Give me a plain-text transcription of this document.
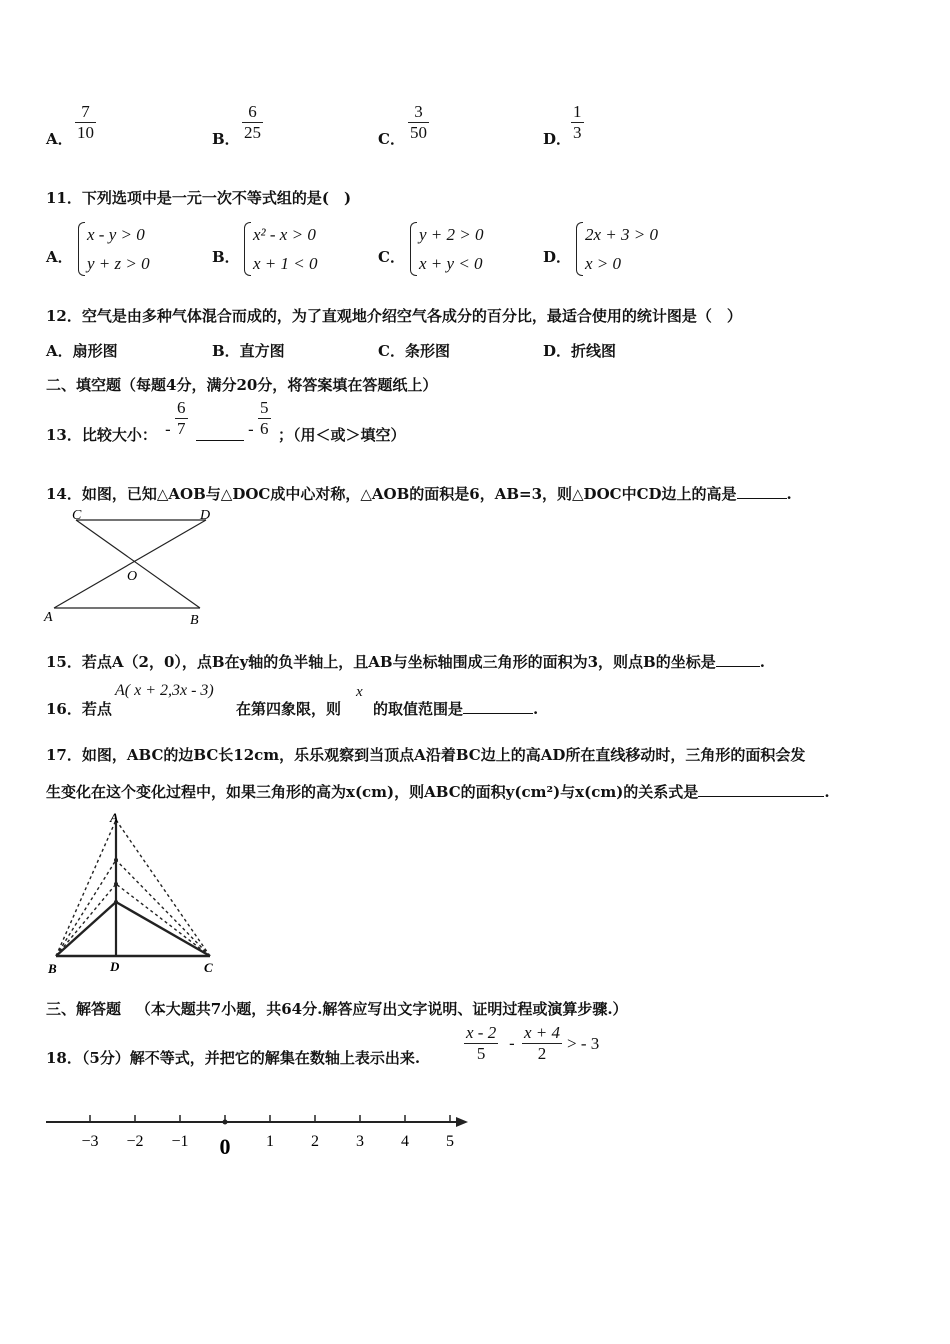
A． $\frac{7}{10}$	B． $\frac{6}{25}$	C． $\frac{3}{50}$	D． $\frac{1}{3}$
11．下列选项中是一元一次不等式组的是(　)
A．
x - y > 0
y + z > 0	B．
x² - x > 0
x + 1 < 0	C．
y + 2 > 0
x + y < 0	D．
2x + 3 > 0
x > 0
12．空气是由多种气体混合而成的，为了直观地介绍空气各成分的百分比，最适合使用的统计图是（　）
A．扇形图	B．直方图	C．条形图	D．折线图
二、填空题（每题4分，满分20分，将答案填在答题纸上）
13．比较大小： - $\frac{6}{7}$	- $\frac{5}{6}$ ；（用＜或＞填空）
14．如图，已知△AOB与△DOC成中心对称，△AOB的面积是6，AB=3，则△DOC中CD边上的高是	.
C	D
O
A	B
15．若点A（2，0），点B在y轴的负半轴上，且AB与坐标轴围成三角形的面积为3，则点B的坐标是	.
16．若点
A( x + 2,3x - 3)
在第四象限，则
x
的取值范围是	.
17．如图，ABC的边BC长12cm，乐乐观察到当顶点A沿着BC边上的高AD所在直线移动时，三角形的面积会发
生变化在这个变化过程中，如果三角形的高为x(cm)，则ABC的面积y(cm²)与x(cm)的关系式是	.
A
B	D	C
三、解答题 （本大题共7小题，共64分.解答应写出文字说明、证明过程或演算步骤.）
18．（5分）解不等式，并把它的解集在数轴上表示出来.	$\frac{x - 2}{5} - \frac{x + 4}{2}$ > - 3
−3 −2 −1 0 1 2 3 4 5
